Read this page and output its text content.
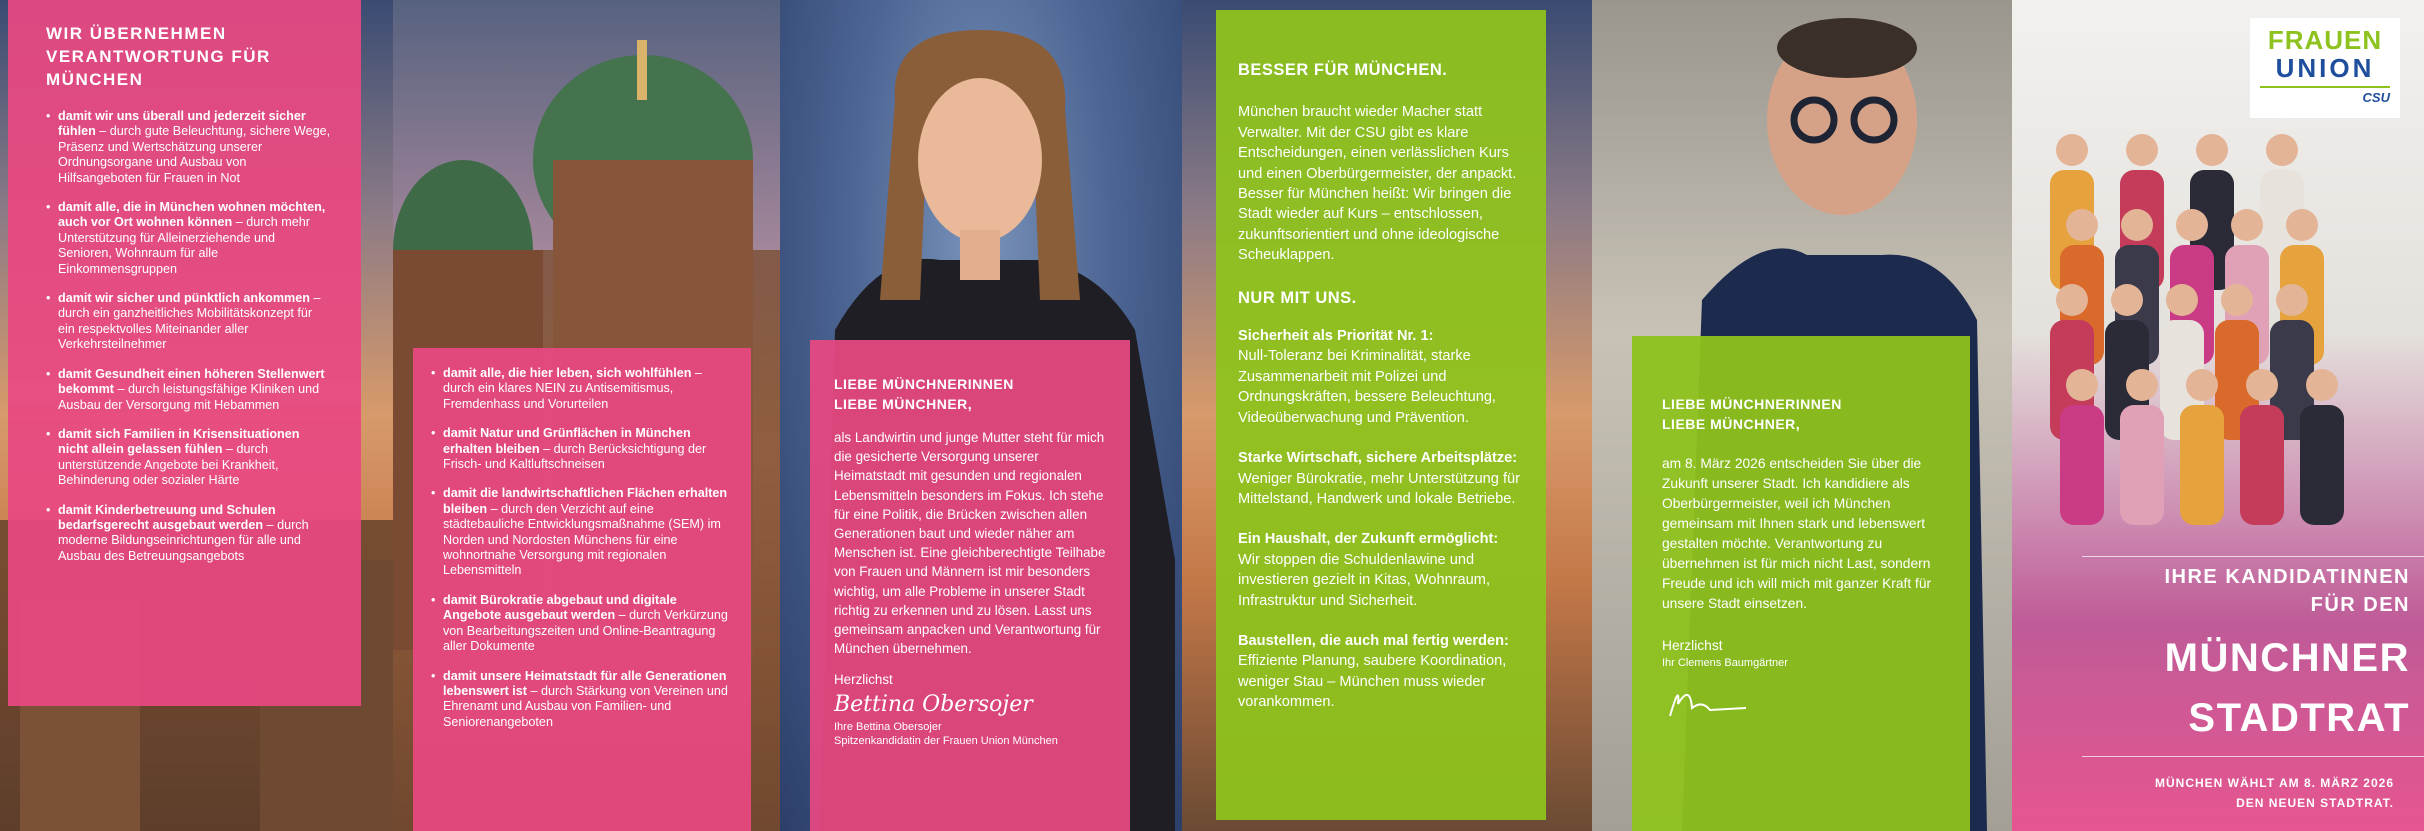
WIR ÜBERNEHMEN VERANTWORTUNG FÜR MÜNCHEN
• damit wir uns überall und jederzeit sicher fühlen – durch gute Beleuchtung, sichere Wege, Präsenz und Wertschätzung unserer Ordnungsorgane und Ausbau von Hilfsangeboten für Frauen in Not
• damit alle, die in München wohnen möchten, auch vor Ort wohnen können – durch mehr Unterstützung für Alleinerziehende und Senioren, Wohnraum für alle Einkommensgruppen
• damit wir sicher und pünktlich ankommen – durch ein ganzheitliches Mobilitätskonzept für ein respektvolles Miteinander aller Verkehrsteilnehmer
• damit Gesundheit einen höheren Stellenwert bekommt – durch leistungsfähige Kliniken und Ausbau der Versorgung mit Hebammen
• damit sich Familien in Krisensituationen nicht allein gelassen fühlen – durch unterstützende Angebote bei Krankheit, Behinderung oder sozialer Härte
• damit Kinderbetreuung und Schulen bedarfsgerecht ausgebaut werden – durch moderne Bildungseinrichtungen für alle und Ausbau des Betreuungsangebots
• damit alle, die hier leben, sich wohlfühlen – durch ein klares NEIN zu Antisemitismus, Fremdenhass und Vorurteilen
• damit Natur und Grünflächen in München erhalten bleiben – durch Berücksichtigung der Frisch- und Kaltluftschneisen
• damit die landwirtschaftlichen Flächen erhalten bleiben – durch den Verzicht auf eine städtebauliche Entwicklungsmaßnahme (SEM) im Norden und Nordosten Münchens für eine wohnortnahe Versorgung mit regionalen Lebensmitteln
• damit Bürokratie abgebaut und digitale Angebote ausgebaut werden – durch Verkürzung von Bearbeitungszeiten und Online-Beantragung aller Dokumente
• damit unsere Heimatstadt für alle Generationen lebenswert ist – durch Stärkung von Vereinen und Ehrenamt und Ausbau von Familien- und Seniorenangeboten
LIEBE MÜNCHNERINNEN
LIEBE MÜNCHNER,

als Landwirtin und junge Mutter steht für mich die gesicherte Versorgung unserer Heimatstadt mit gesunden und regionalen Lebensmitteln besonders im Fokus. Ich stehe für eine Politik, die Brücken zwischen allen Generationen baut und wieder näher am Menschen ist. Eine gleichberechtigte Teilhabe von Frauen und Männern ist mir besonders wichtig, um alle Probleme in unserer Stadt richtig zu erkennen und zu lösen. Lasst uns gemeinsam anpacken und Verantwortung für München übernehmen.

Herzlichst
Bettina Obersojer
Ihre Bettina Obersojer
Spitzenkandidatin der Frauen Union München
BESSER FÜR MÜNCHEN.

München braucht wieder Macher statt Verwalter. Mit der CSU gibt es klare Entscheidungen, einen verlässlichen Kurs und einen Oberbürgermeister, der anpackt. Besser für München heißt: Wir bringen die Stadt wieder auf Kurs – entschlossen, zukunftsorientiert und ohne ideologische Scheuklappen.

NUR MIT UNS.
Sicherheit als Priorität Nr. 1:
Null-Toleranz bei Kriminalität, starke Zusammenarbeit mit Polizei und Ordnungskräften, bessere Beleuchtung, Videoüberwachung und Prävention.
Starke Wirtschaft, sichere Arbeitsplätze:
Weniger Bürokratie, mehr Unterstützung für Mittelstand, Handwerk und lokale Betriebe.
Ein Haushalt, der Zukunft ermöglicht:
Wir stoppen die Schuldenlawine und investieren gezielt in Kitas, Wohnraum, Infrastruktur und Sicherheit.
Baustellen, die auch mal fertig werden:
Effiziente Planung, saubere Koordination, weniger Stau – München muss wieder vorankommen.
LIEBE MÜNCHNERINNEN
LIEBE MÜNCHNER,

am 8. März 2026 entscheiden Sie über die Zukunft unserer Stadt. Ich kandidiere als Oberbürgermeister, weil ich München gemeinsam mit Ihnen stark und lebenswert gestalten möchte. Verantwortung zu übernehmen ist für mich nicht Last, sondern Freude und ich will mich mit ganzer Kraft für unsere Stadt einsetzen.

Herzlichst
Ihr Clemens Baumgärtner
FRAUEN
UNION
CSU
IHRE KANDIDATINNEN
FÜR DEN
MÜNCHNER
STADTRAT
MÜNCHEN WÄHLT AM 8. MÄRZ 2026
DEN NEUEN STADTRAT.
